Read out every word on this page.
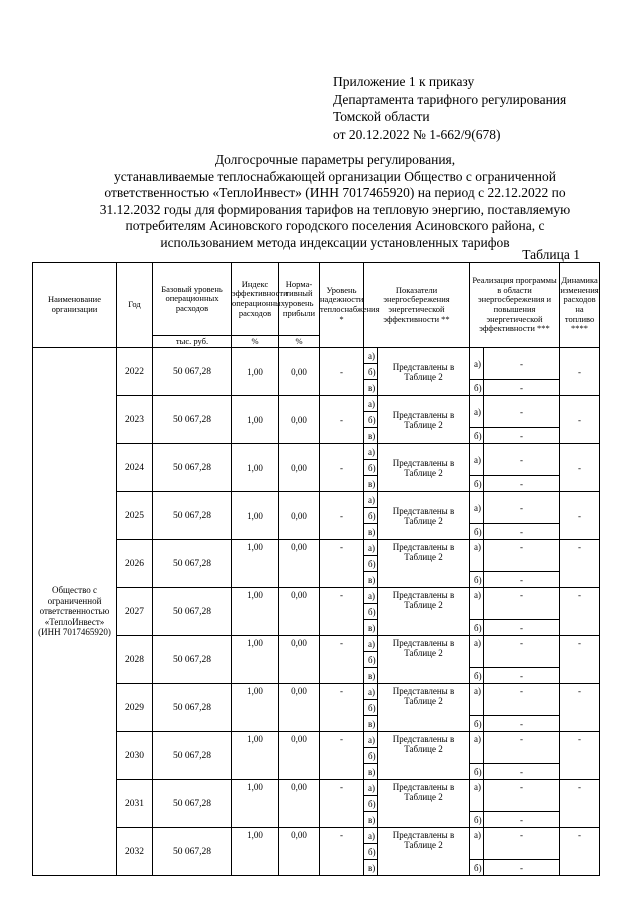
Приложение 1 к приказу
Департамента тарифного регулирования
Томской области
от 20.12.2022 № 1-662/9(678)
Долгосрочные параметры регулирования,
устанавливаемые теплоснабжающей организации Общество с ограниченной
ответственностью «ТеплоИнвест» (ИНН 7017465920) на период с 22.12.2022 по
31.12.2032 годы для формирования тарифов на тепловую энергию, поставляемую
потребителям Асиновского городского поселения Асиновского района, с
использованием метода индексации установленных тарифов
Таблица 1
Наименование организации	Год	Базовый уровень операционных расходов	Индекс эффективности операционных расходов	Норма-тивный уровень прибыли	Уровень надежности теплоснабжения *	Показатели энергосбережения энергетической эффективности **		Реализация программы в области энергосбережения и повышения энергетической эффективности ***		Динамика изменения расходов на топливо ****
		тыс. руб.	%	%						
Общество с ограниченной ответственностью «ТеплоИнвест» (ИНН 7017465920)	2022	50 067,28	1,00	0,00	-	а)	Представлены в Таблице 2	а)	-	-
						б)				
						в)		б)	-	
	2023	50 067,28	1,00	0,00	-	а)	Представлены в Таблице 2	а)	-	-
						б)				
						в)		б)	-	
	2024	50 067,28	1,00	0,00	-	а)	Представлены в Таблице 2	а)	-	-
						б)				
						в)		б)	-	
	2025	50 067,28	1,00	0,00	-	а)	Представлены в Таблице 2	а)	-	-
						б)				
						в)		б)	-	
	2026	50 067,28	1,00	0,00	-	а)	Представлены в Таблице 2	а)	-	-
						б)				
						в)		б)	-	
	2027	50 067,28	1,00	0,00	-	а)	Представлены в Таблице 2	а)	-	-
						б)				
						в)		б)	-	
	2028	50 067,28	1,00	0,00	-	а)	Представлены в Таблице 2	а)	-	-
						б)				
						в)		б)	-	
	2029	50 067,28	1,00	0,00	-	а)	Представлены в Таблице 2	а)	-	-
						б)				
						в)		б)	-	
	2030	50 067,28	1,00	0,00	-	а)	Представлены в Таблице 2	а)	-	-
						б)				
						в)		б)	-	
	2031	50 067,28	1,00	0,00	-	а)	Представлены в Таблице 2	а)	-	-
						б)				
						в)		б)	-	
	2032	50 067,28	1,00	0,00	-	а)	Представлены в Таблице 2	а)	-	-
						б)				
						в)		б)	-	
